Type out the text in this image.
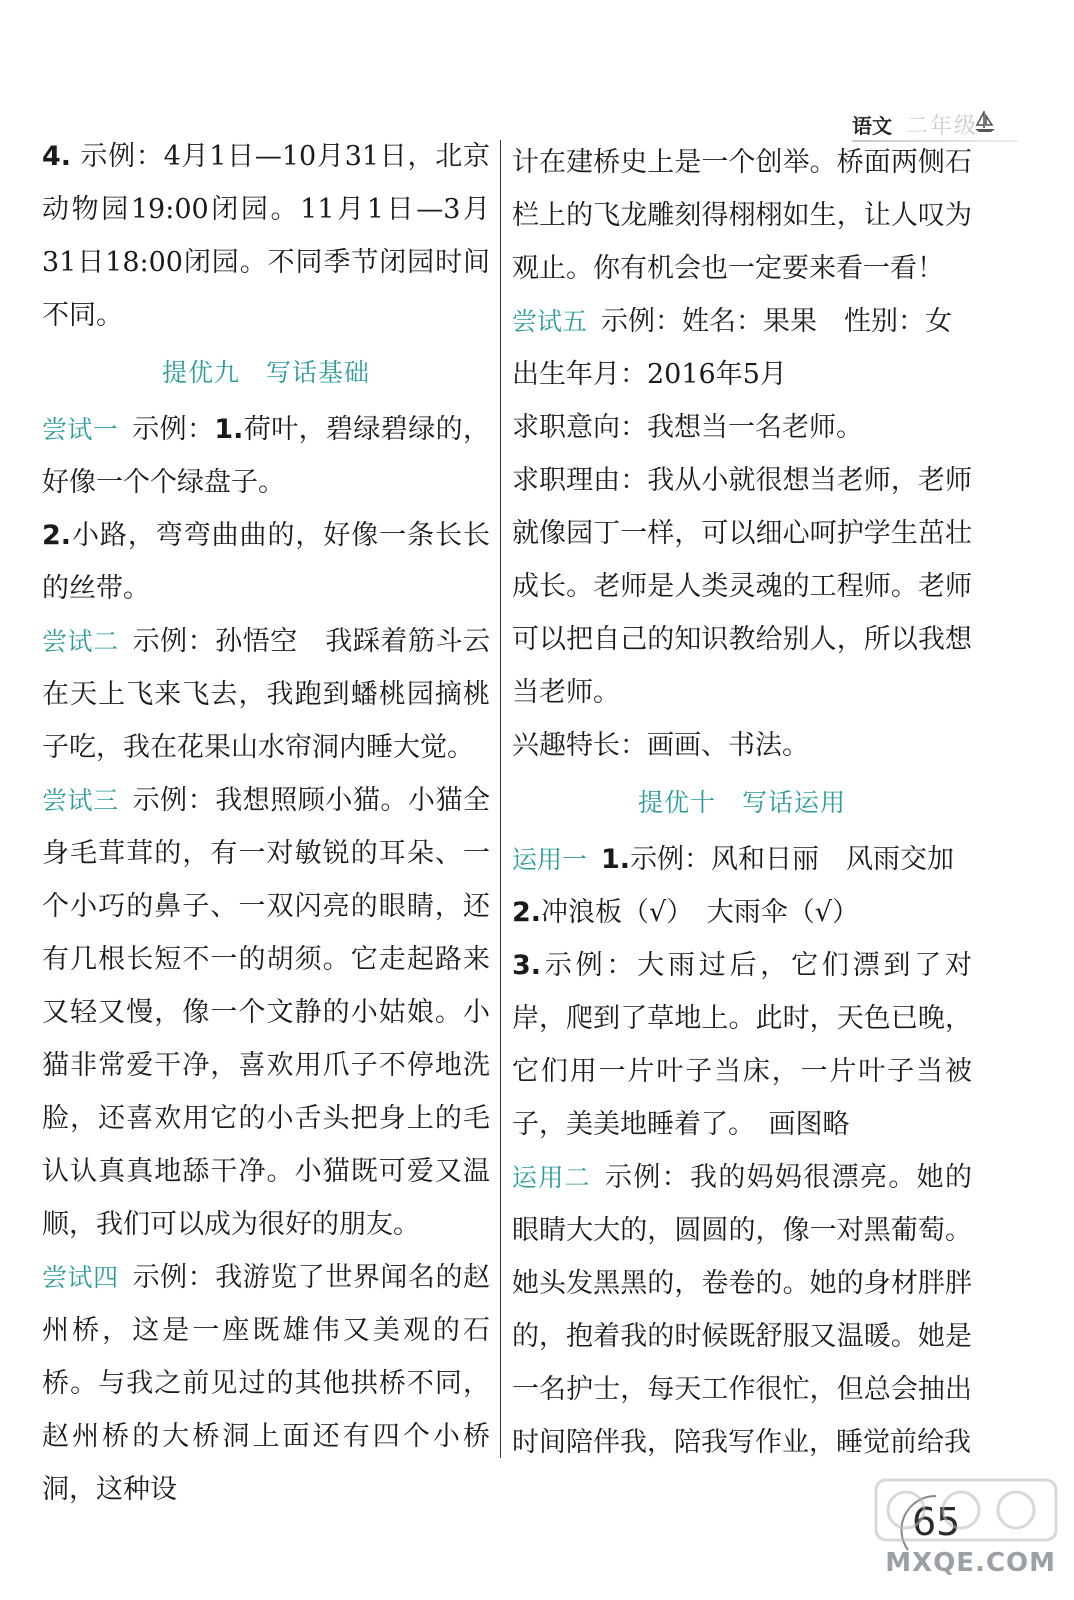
语文 二年级

4. 示例：4月1日—10月31日，北京动物园19:00闭园。11月1日—3月31日18:00闭园。不同季节闭园时间不同。

提优九　写话基础

尝试一 示例：1.荷叶，碧绿碧绿的，好像一个个绿盘子。

2.小路，弯弯曲曲的，好像一条长长的丝带。

尝试二 示例：孙悟空　我踩着筋斗云在天上飞来飞去，我跑到蟠桃园摘桃子吃，我在花果山水帘洞内睡大觉。

尝试三 示例：我想照顾小猫。小猫全身毛茸茸的，有一对敏锐的耳朵、一个小巧的鼻子、一双闪亮的眼睛，还有几根长短不一的胡须。它走起路来又轻又慢，像一个文静的小姑娘。小猫非常爱干净，喜欢用爪子不停地洗脸，还喜欢用它的小舌头把身上的毛认认真真地舔干净。小猫既可爱又温顺，我们可以成为很好的朋友。

尝试四 示例：我游览了世界闻名的赵州桥，这是一座既雄伟又美观的石桥。与我之前见过的其他拱桥不同，赵州桥的大桥洞上面还有四个小桥洞，这种设

计在建桥史上是一个创举。桥面两侧石栏上的飞龙雕刻得栩栩如生，让人叹为观止。你有机会也一定要来看一看！

尝试五 示例：姓名：果果　性别：女

出生年月：2016年5月

求职意向：我想当一名老师。

求职理由：我从小就很想当老师，老师就像园丁一样，可以细心呵护学生茁壮成长。老师是人类灵魂的工程师。老师可以把自己的知识教给别人，所以我想当老师。

兴趣特长：画画、书法。

提优十　写话运用

运用一 1.示例：风和日丽　风雨交加

2.冲浪板（√）　大雨伞（√）

3.示例：大雨过后，它们漂到了对岸，爬到了草地上。此时，天色已晚，它们用一片叶子当床，一片叶子当被子，美美地睡着了。　画图略

运用二 示例：我的妈妈很漂亮。她的眼睛大大的，圆圆的，像一对黑葡萄。她头发黑黑的，卷卷的。她的身材胖胖的，抱着我的时候既舒服又温暖。她是一名护士，每天工作很忙，但总会抽出时间陪伴我，陪我写作业，睡觉前给我

65
MXQE.COM
